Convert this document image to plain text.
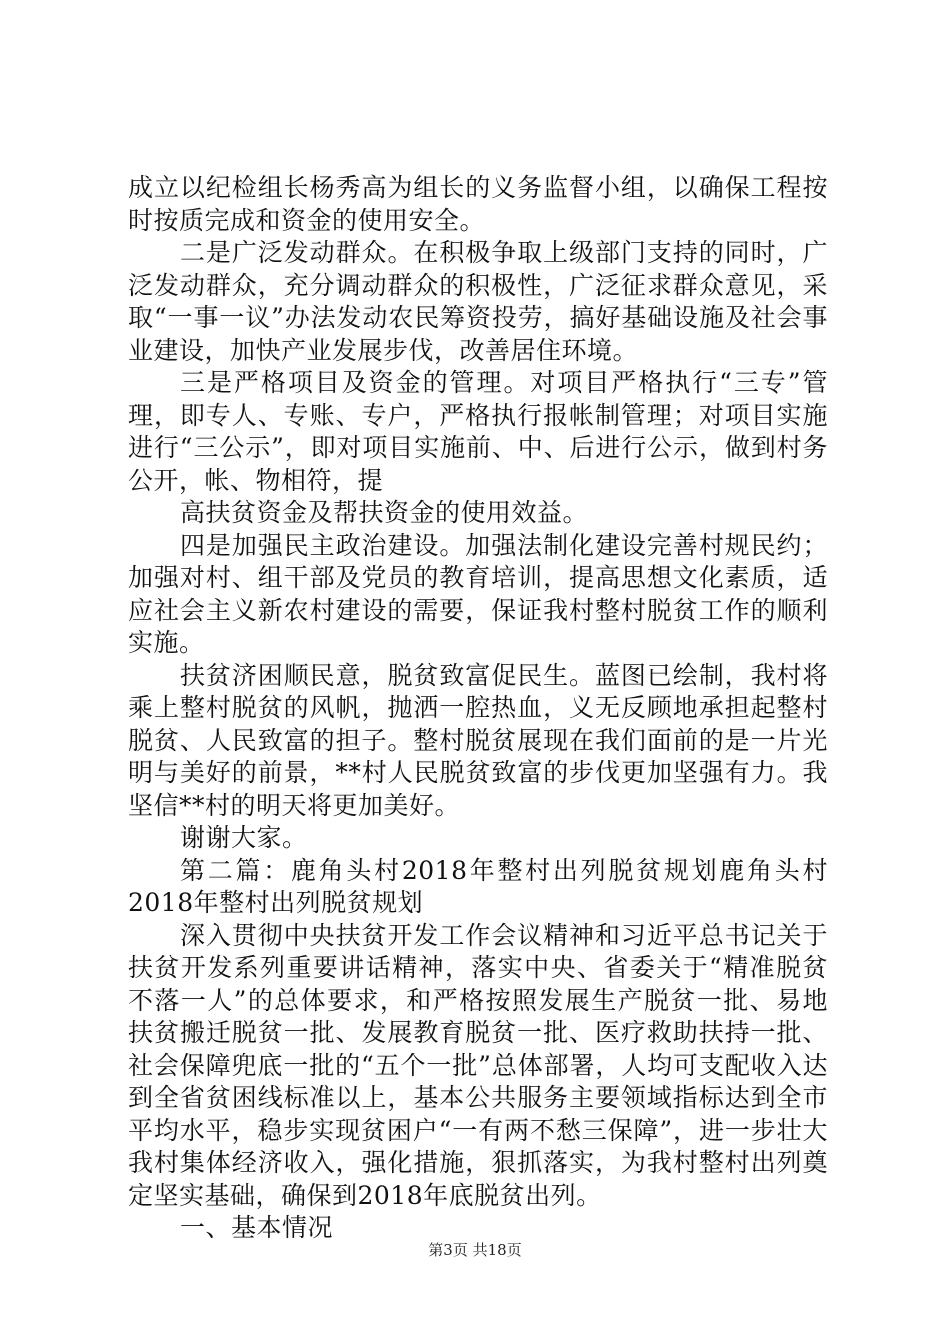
成立以纪检组长杨秀高为组长的义务监督小组，以确保工程按时按质完成和资金的使用安全。

二是广泛发动群众。在积极争取上级部门支持的同时，广泛发动群众，充分调动群众的积极性，广泛征求群众意见，采取“一事一议”办法发动农民筹资投劳，搞好基础设施及社会事业建设，加快产业发展步伐，改善居住环境。

三是严格项目及资金的管理。对项目严格执行“三专”管理，即专人、专账、专户，严格执行报帐制管理；对项目实施进行“三公示”，即对项目实施前、中、后进行公示，做到村务公开，帐、物相符，提

高扶贫资金及帮扶资金的使用效益。

四是加强民主政治建设。加强法制化建设完善村规民约；加强对村、组干部及党员的教育培训，提高思想文化素质，适应社会主义新农村建设的需要，保证我村整村脱贫工作的顺利实施。

扶贫济困顺民意，脱贫致富促民生。蓝图已绘制，我村将乘上整村脱贫的风帆，抛洒一腔热血，义无反顾地承担起整村脱贫、人民致富的担子。整村脱贫展现在我们面前的是一片光明与美好的前景，**村人民脱贫致富的步伐更加坚强有力。我坚信**村的明天将更加美好。

谢谢大家。

第二篇：鹿角头村2018年整村出列脱贫规划鹿角头村2018年整村出列脱贫规划

深入贯彻中央扶贫开发工作会议精神和习近平总书记关于扶贫开发系列重要讲话精神，落实中央、省委关于“精准脱贫不落一人”的总体要求，和严格按照发展生产脱贫一批、易地扶贫搬迁脱贫一批、发展教育脱贫一批、医疗救助扶持一批、社会保障兜底一批的“五个一批”总体部署，人均可支配收入达到全省贫困线标准以上，基本公共服务主要领域指标达到全市平均水平，稳步实现贫困户“一有两不愁三保障”，进一步壮大我村集体经济收入，强化措施，狠抓落实，为我村整村出列奠定坚实基础，确保到2018年底脱贫出列。

一、基本情况

第3页 共18页
